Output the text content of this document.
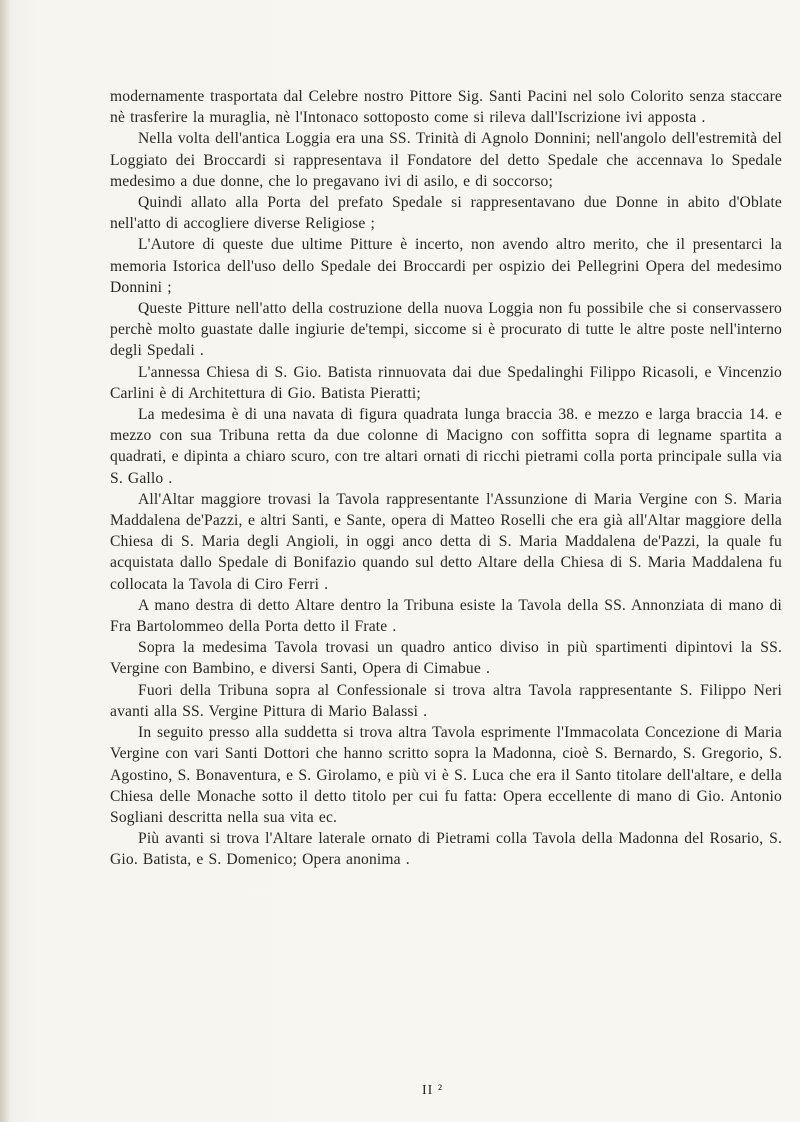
modernamente trasportata dal Celebre nostro Pittore Sig. Santi Pacini nel solo Colorito senza staccare nè trasferire la muraglia, nè l'Intonaco sottoposto come si rileva dall'Iscrizione ivi apposta .

Nella volta dell'antica Loggia era una SS. Trinità di Agnolo Donnini; nell'angolo dell'estremità del Loggiato dei Broccardi si rappresentava il Fondatore del detto Spedale che accennava lo Spedale medesimo a due donne, che lo pregavano ivi di asilo, e di soccorso;

Quindi allato alla Porta del prefato Spedale si rappresentavano due Donne in abito d'Oblate nell'atto di accogliere diverse Religiose ;

L'Autore di queste due ultime Pitture è incerto, non avendo altro merito, che il presentarci la memoria Istorica dell'uso dello Spedale dei Broccardi per ospizio dei Pellegrini Opera del medesimo Donnini ;

Queste Pitture nell'atto della costruzione della nuova Loggia non fu possibile che si conservassero perchè molto guastate dalle ingiurie de'tempi, siccome si è procurato di tutte le altre poste nell'interno degli Spedali .

L'annessa Chiesa di S. Gio. Batista rinnuovata dai due Spedalinghi Filippo Ricasoli, e Vincenzio Carlini è di Architettura di Gio. Batista Pieratti;

La medesima è di una navata di figura quadrata lunga braccia 38. e mezzo e larga braccia 14. e mezzo con sua Tribuna retta da due colonne di Macigno con soffitta sopra di legname spartita a quadrati, e dipinta a chiaro scuro, con tre altari ornati di ricchi pietrami colla porta principale sulla via S. Gallo .

All'Altar maggiore trovasi la Tavola rappresentante l'Assunzione di Maria Vergine con S. Maria Maddalena de'Pazzi, e altri Santi, e Sante, opera di Matteo Roselli che era già all'Altar maggiore della Chiesa di S. Maria degli Angioli, in oggi anco detta di S. Maria Maddalena de'Pazzi, la quale fu acquistata dallo Spedale di Bonifazio quando sul detto Altare della Chiesa di S. Maria Maddalena fu collocata la Tavola di Ciro Ferri .

A mano destra di detto Altare dentro la Tribuna esiste la Tavola della SS. Annonziata di mano di Fra Bartolommeo della Porta detto il Frate .

Sopra la medesima Tavola trovasi un quadro antico diviso in più spartimenti dipintovi la SS. Vergine con Bambino, e diversi Santi, Opera di Cimabue .

Fuori della Tribuna sopra al Confessionale si trova altra Tavola rappresentante S. Filippo Neri avanti alla SS. Vergine Pittura di Mario Balassi .

In seguito presso alla suddetta si trova altra Tavola esprimente l'Immacolata Concezione di Maria Vergine con vari Santi Dottori che hanno scritto sopra la Madonna, cioè S. Bernardo, S. Gregorio, S. Agostino, S. Bonaventura, e S. Girolamo, e più vi è S. Luca che era il Santo titolare dell'altare, e della Chiesa delle Monache sotto il detto titolo per cui fu fatta: Opera eccellente di mano di Gio. Antonio Sogliani descritta nella sua vita ec.

Più avanti si trova l'Altare laterale ornato di Pietrami colla Tavola della Madonna del Rosario, S. Gio. Batista, e S. Domenico; Opera anonima .

II ²
